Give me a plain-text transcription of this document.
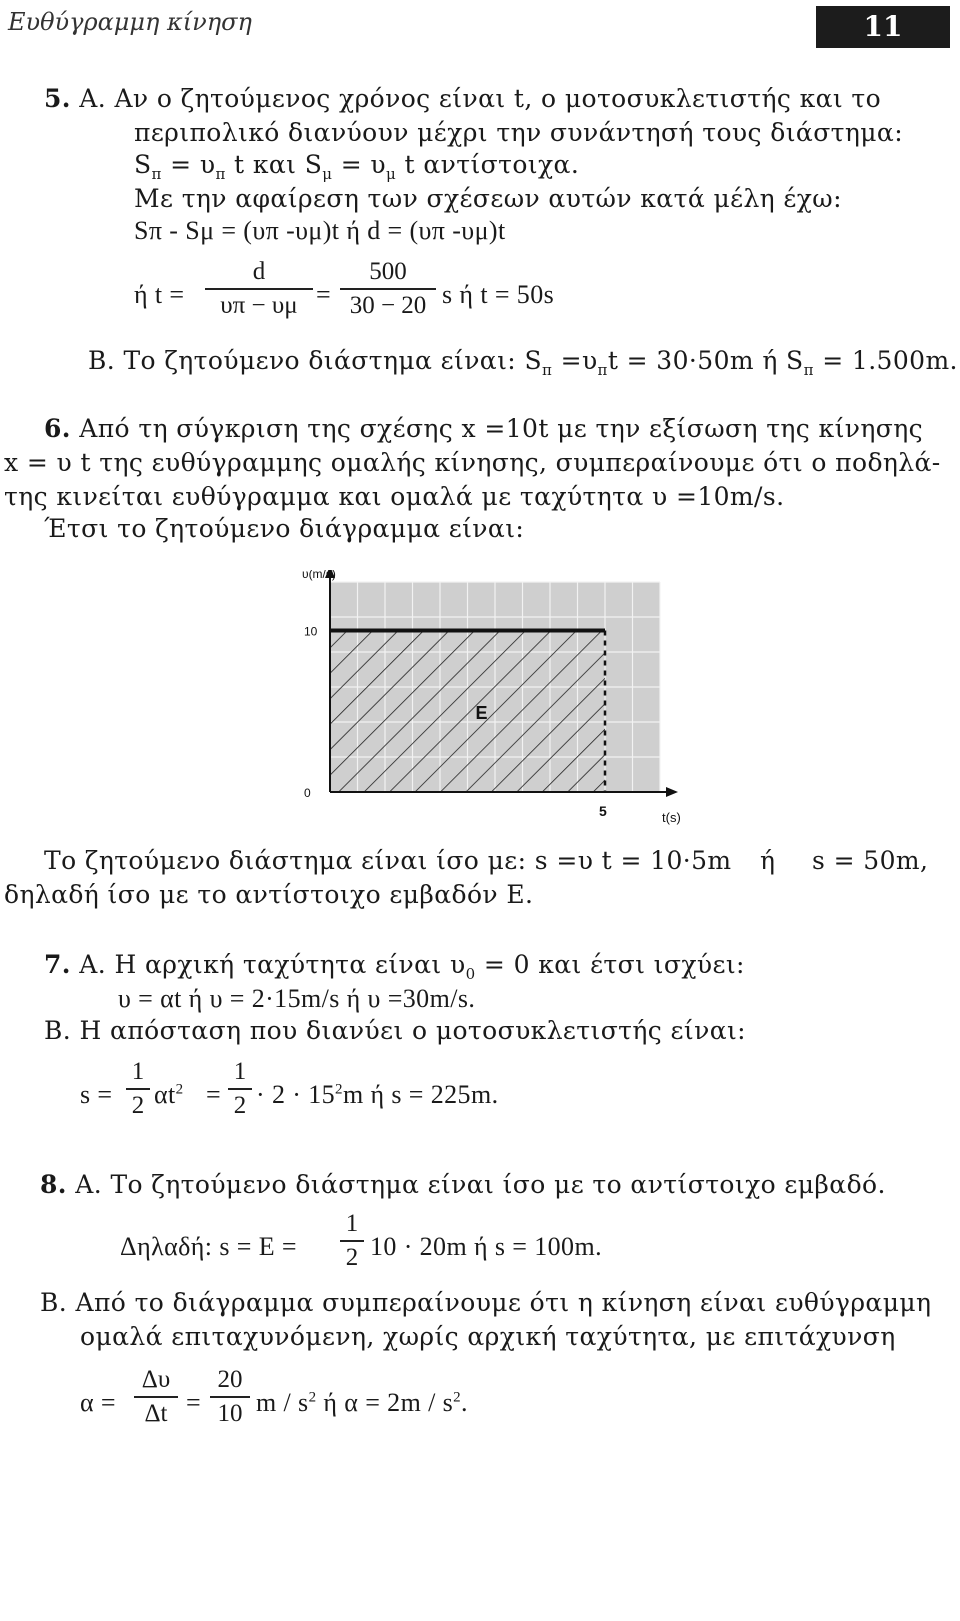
Ευθύγραμμη κίνηση	11
5. Α. Αν ο ζητούμενος χρόνος είναι t, ο μοτοσυκλετιστής και το
περιπολικό διανύουν μέχρι την συνάντησή τους διάστημα:
$S_\pi = \upsilon_\pi$ t και $S_\mu = \upsilon_\mu$ t αντίστοιχα.
Με την αφαίρεση των σχέσεων αυτών κατά μέλη έχω:
Sπ - Sμ = (υπ -υμ)t ή d = (υπ -υμ)t
ή t =
d
υπ − υμ =
500
30 − 20 s ή t = 50s
Β. Το ζητούμενο διάστημα είναι: $S_\pi =\upsilon_\pi t = 30\cdot 50m$ ή $S_\pi = 1.500m$.
6. Από τη σύγκριση της σχέσης x =10t με την εξίσωση της κίνησης
x = υ t της ευθύγραμμης ομαλής κίνησης, συμπεραίνουμε ότι ο ποδηλά-
της κινείται ευθύγραμμα και ομαλά με ταχύτητα υ =10m/s.
Έτσι το ζητούμενο διάγραμμα είναι:
υ(m/s)
t(s)
0
10
5
Ε
Το ζητούμενο διάστημα είναι ίσο με: s =υ t = 10·5m ή s = 50m,
δηλαδή ίσο με το αντίστοιχο εμβαδόν Ε.
7. Α. Η αρχική ταχύτητα είναι $\upsilon_0 = 0$ και έτσι ισχύει:
υ = αt ή υ = 2·15m/s ή υ =30m/s.
Β. Η απόσταση που διανύει ο μοτοσυκλετιστής είναι:
s =
1
2 $\alpha t^2$ =
1
$2 \cdot 2 \cdot 15^2m$ ή s = 225m.
8. Α. Το ζητούμενο διάστημα είναι ίσο με το αντίστοιχο εμβαδό.
Δηλαδή: s = E =
1
2 10 · 20m ή s = 100m.
Β. Από το διάγραμμα συμπεραίνουμε ότι η κίνηση είναι ευθύγραμμη
ομαλά επιταχυνόμενη, χωρίς αρχική ταχύτητα, με επιτάχυνση
α =
Δυ
Δt =
20
10 m / $s^2$ ή $\alpha = 2m / s^2$.
